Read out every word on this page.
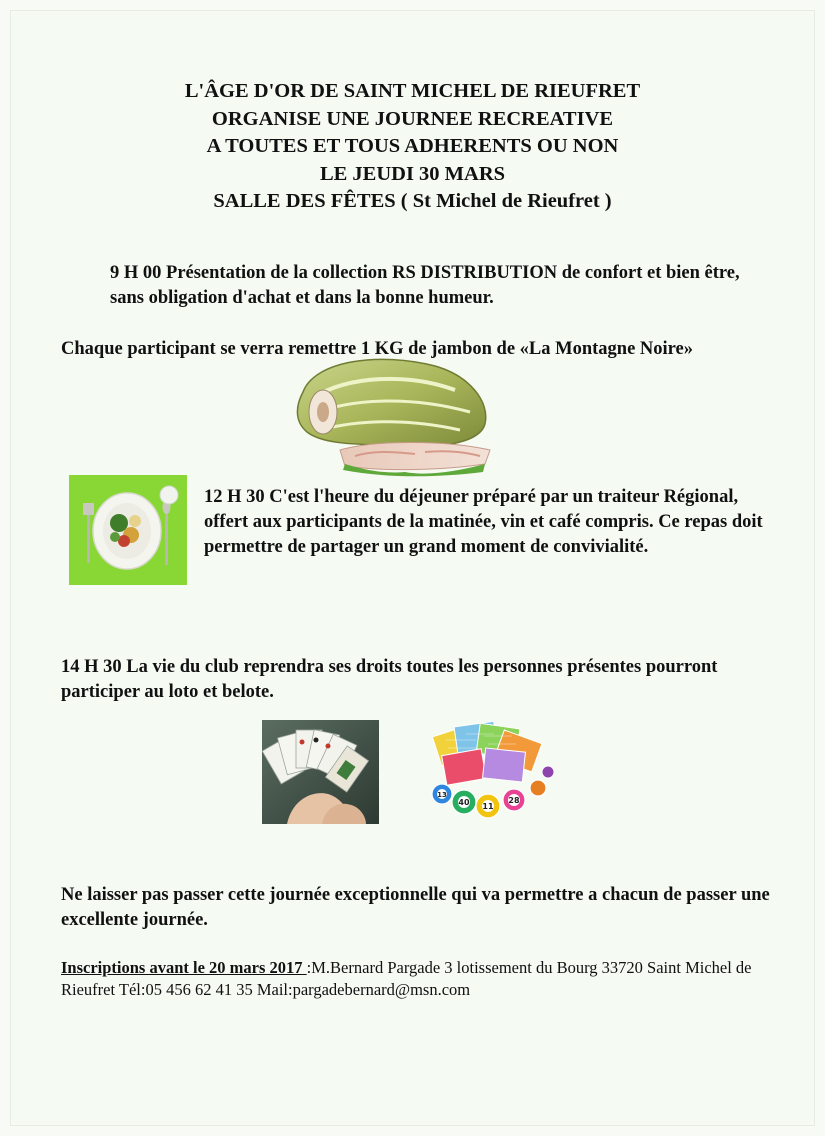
L'ÂGE D'OR DE SAINT MICHEL DE RIEUFRET
ORGANISE UNE JOURNEE RECREATIVE
A TOUTES ET TOUS ADHERENTS OU NON
LE JEUDI 30 MARS
SALLE DES FÊTES ( St Michel de Rieufret )
9 H 00 Présentation de la collection RS DISTRIBUTION de confort et bien être, sans obligation d'achat et dans la bonne humeur.
Chaque participant se verra remettre 1 KG de jambon de «La Montagne Noire»
12 H 30 C'est l'heure du déjeuner préparé par un traiteur Régional, offert aux participants de la matinée, vin et café compris. Ce repas doit permettre de partager un grand moment de convivialité.
14 H 30 La vie du club reprendra ses droits toutes les personnes présentes pourront participer au loto et belote.
13
40 11
28
Ne laisser pas passer cette journée exceptionnelle qui va permettre a chacun de passer une excellente journée.
Inscriptions avant le 20 mars 2017 :M.Bernard Pargade 3 lotissement du Bourg 33720 Saint Michel de Rieufret Tél:05 456 62 41 35 Mail:pargadebernard@msn.com
